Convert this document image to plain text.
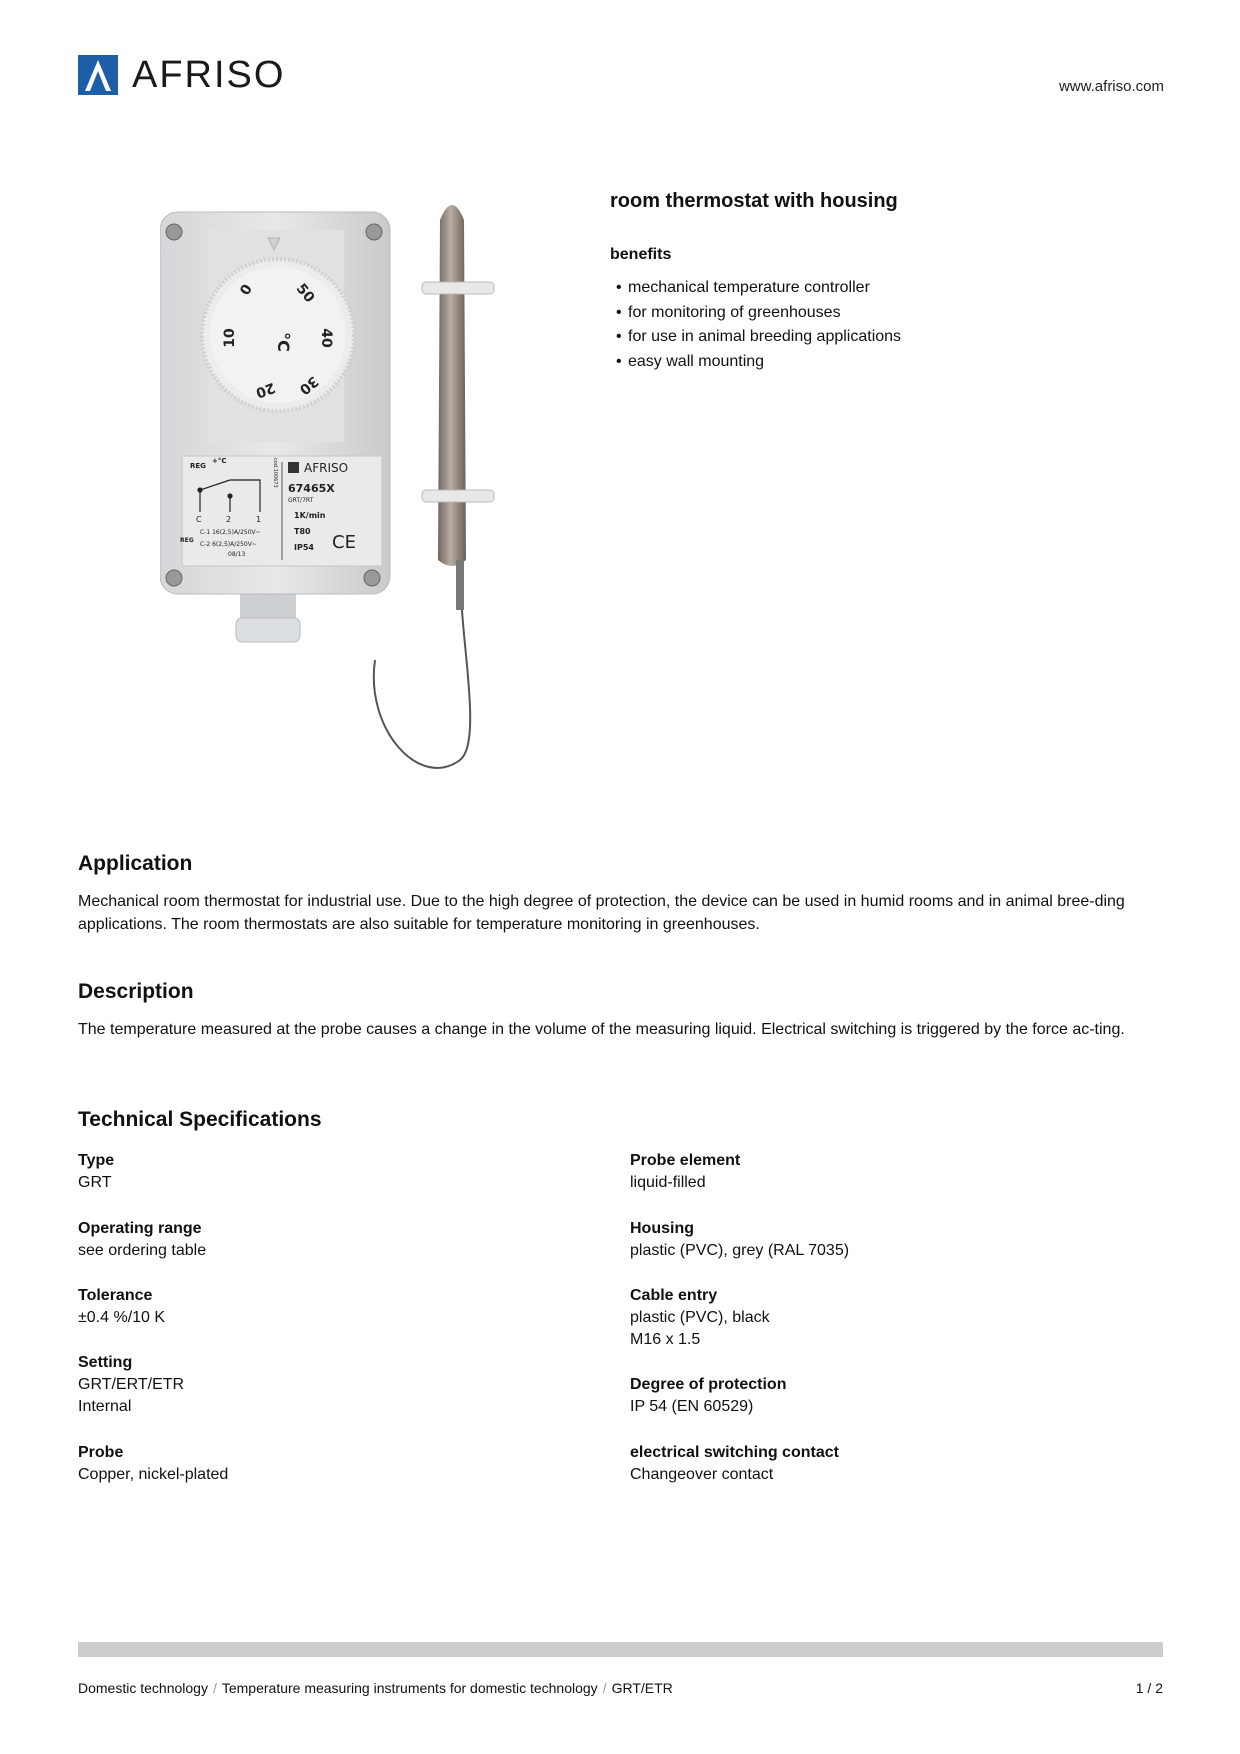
AFRISO	www.afriso.com
0
10
20 30
40
50
°C
REG
+°C
C	2	1
REG
C-1 16(2,5)A/250V~
C-2 6(2,5)A/250V~
08/13
cod.100673 AFRISO
67465X
GRT/7RT
1K/min
T80
IP54 CE
room thermostat with housing
benefits
• mechanical temperature controller
• for monitoring of greenhouses
• for use in animal breeding applications
• easy wall mounting
Application

Mechanical room thermostat for industrial use. Due to the high degree of protection, the device can be used in humid rooms and in animal bree-ding applications. The room thermostats are also suitable for temperature monitoring in greenhouses.

Description

The temperature measured at the probe causes a change in the volume of the measuring liquid. Electrical switching is triggered by the force ac-ting.

Technical Specifications
Type
GRT
Operating range
see ordering table
Tolerance
±0.4 %/10 K
Setting
GRT/ERT/ETR
Internal
Probe
Copper, nickel-plated
Probe element
liquid-filled
Housing
plastic (PVC), grey (RAL 7035)
Cable entry
plastic (PVC), black
M16 x 1.5
Degree of protection
IP 54 (EN 60529)
electrical switching contact
Changeover contact
Domestic technology / Temperature measuring instruments for domestic technology / GRT/ETR	1 / 2
